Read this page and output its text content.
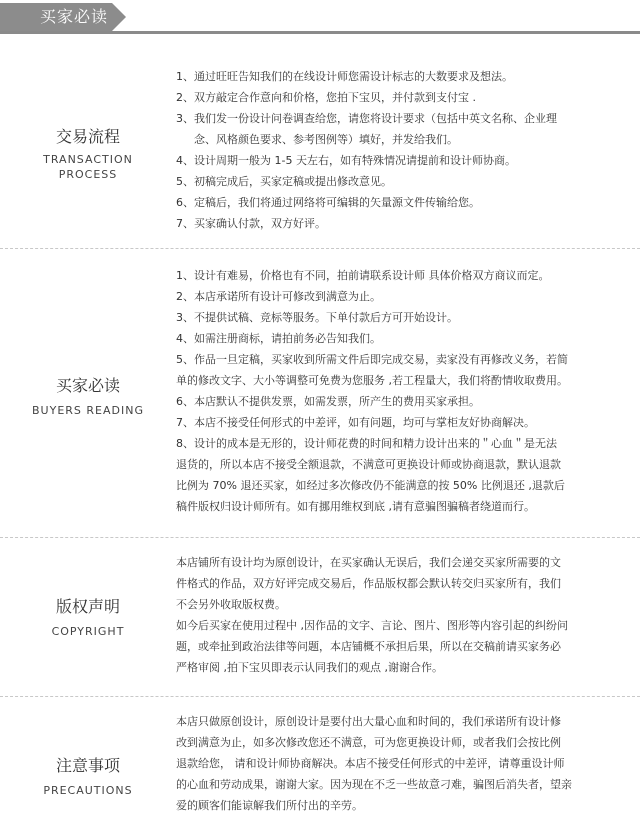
买家必读
交易流程
TRANSACTION
PROCESS
1、通过旺旺告知我们的在线设计师您需设计标志的大数要求及想法。
2、双方敲定合作意向和价格，您拍下宝贝，并付款到支付宝 .
3、我们发一份设计问卷调查给您，请您将设计要求（包括中英文名称、企业理
念、风格颜色要求、参考图例等）填好，并发给我们。
4、设计周期一般为 1-5 天左右，如有特殊情况请提前和设计师协商。
5、初稿完成后，买家定稿或提出修改意见。
6、定稿后，我们将通过网络将可编辑的矢量源文件传输给您。
7、买家确认付款，双方好评。
买家必读
BUYERS READING
1、设计有难易，价格也有不同，拍前请联系设计师 具体价格双方商议而定。
2、本店承诺所有设计可修改到满意为止。
3、不提供试稿、竞标等服务。下单付款后方可开始设计。
4、如需注册商标，请拍前务必告知我们。
5、作品一旦定稿，买家收到所需文件后即完成交易，卖家没有再修改义务，若简
单的修改文字、大小等调整可免费为您服务 ,若工程量大，我们将酌情收取费用。
6、本店默认不提供发票，如需发票，所产生的费用买家承担。
7、本店不接受任何形式的中差评，如有问题，均可与掌柜友好协商解决。
8、设计的成本是无形的，设计师花费的时间和精力设计出来的＂心血＂是无法
退货的，所以本店不接受全额退款，不满意可更换设计师或协商退款，默认退款
比例为 70% 退还买家，如经过多次修改仍不能满意的按 50% 比例退还 ,退款后
稿件版权归设计师所有。如有挪用维权到底 ,请有意骗图骗稿者绕道而行。
版权声明
COPYRIGHT
本店铺所有设计均为原创设计，在买家确认无误后，我们会递交买家所需要的文
件格式的作品，双方好评完成交易后，作品版权都会默认转交归买家所有，我们
不会另外收取版权费。
如今后买家在使用过程中 ,因作品的文字、言论、图片、图形等内容引起的纠纷问
题，或牵扯到政治法律等问题，本店铺概不承担后果，所以在交稿前请买家务必
严格审阅 ,拍下宝贝即表示认同我们的观点 ,谢谢合作。
注意事项
PRECAUTIONS
本店只做原创设计，原创设计是要付出大量心血和时间的，我们承诺所有设计修
改到满意为止，如多次修改您还不满意，可为您更换设计师，或者我们会按比例
退款给您， 请和设计师协商解决。本店不接受任何形式的中差评，请尊重设计师
的心血和劳动成果，谢谢大家。因为现在不乏一些故意刁难，骗图后消失者，望亲
爱的顾客们能谅解我们所付出的辛劳。
